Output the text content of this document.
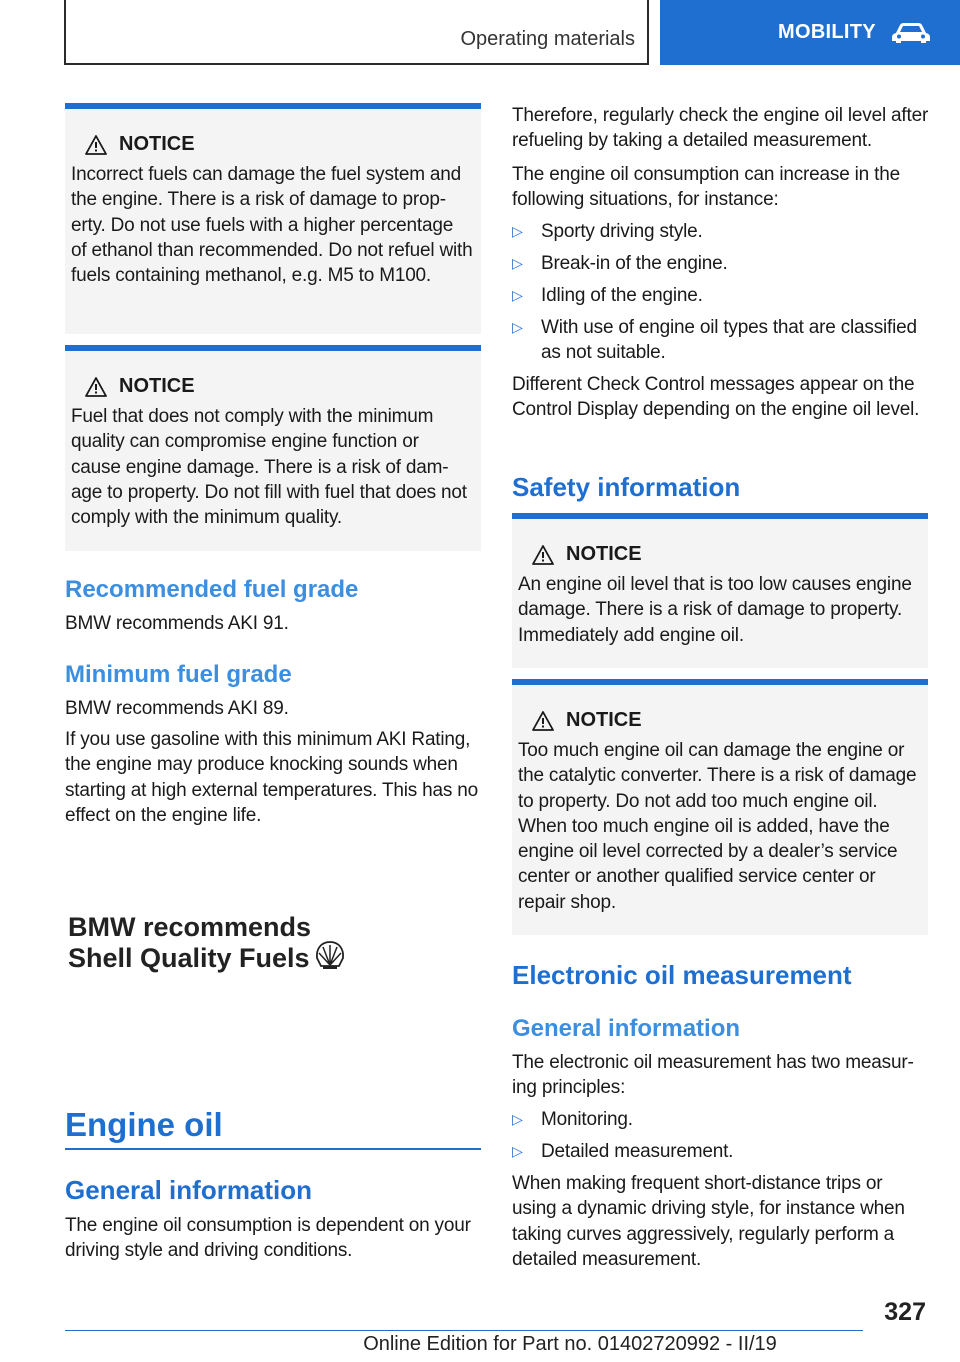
Operating materials	MOBILITY
NOTICE
Incorrect fuels can damage the fuel system and the engine. There is a risk of damage to property. Do not use fuels with a higher percentage of ethanol than recommended. Do not refuel with fuels containing methanol, e.g. M5 to M100.
NOTICE
Fuel that does not comply with the minimum quality can compromise engine function or cause engine damage. There is a risk of damage to property. Do not fill with fuel that does not comply with the minimum quality.
Recommended fuel grade
BMW recommends AKI 91.
Minimum fuel grade
BMW recommends AKI 89.
If you use gasoline with this minimum AKI Rating, the engine may produce knocking sounds when starting at high external temperatures. This has no effect on the engine life.
BMW recommends Shell Quality Fuels
Engine oil
General information
The engine oil consumption is dependent on your driving style and driving conditions.
Therefore, regularly check the engine oil level after refueling by taking a detailed measurement.
The engine oil consumption can increase in the following situations, for instance:
▷ Sporty driving style.
▷ Break-in of the engine.
▷ Idling of the engine.
▷ With use of engine oil types that are classified as not suitable.
Different Check Control messages appear on the Control Display depending on the engine oil level.
Safety information
NOTICE
An engine oil level that is too low causes engine damage. There is a risk of damage to property. Immediately add engine oil.
NOTICE
Too much engine oil can damage the engine or the catalytic converter. There is a risk of damage to property. Do not add too much engine oil. When too much engine oil is added, have the engine oil level corrected by a dealer’s service center or another qualified service center or repair shop.
Electronic oil measurement
General information
The electronic oil measurement has two measuring principles:
▷ Monitoring.
▷ Detailed measurement.
When making frequent short-distance trips or using a dynamic driving style, for instance when taking curves aggressively, regularly perform a detailed measurement.
327
Online Edition for Part no. 01402720992 - II/19
